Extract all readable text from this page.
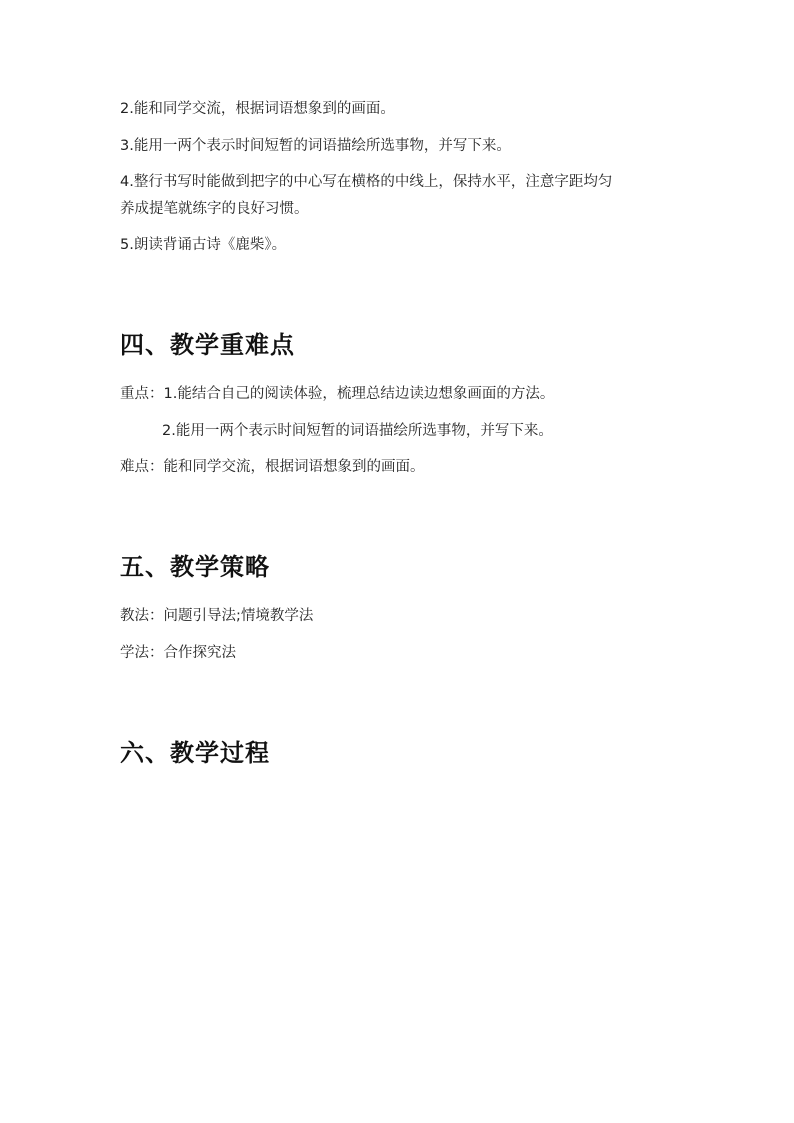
2.能和同学交流，根据词语想象到的画面。
3.能用一两个表示时间短暂的词语描绘所选事物，并写下来。
4.整行书写时能做到把字的中心写在横格的中线上，保持水平，注意字距均匀
养成提笔就练字的良好习惯。
5.朗读背诵古诗《鹿柴》。
四、教学重难点
重点：1.能结合自己的阅读体验，梳理总结边读边想象画面的方法。
2.能用一两个表示时间短暂的词语描绘所选事物，并写下来。
难点：能和同学交流，根据词语想象到的画面。
五、教学策略
教法：问题引导法;情境教学法
学法：合作探究法
六、教学过程
